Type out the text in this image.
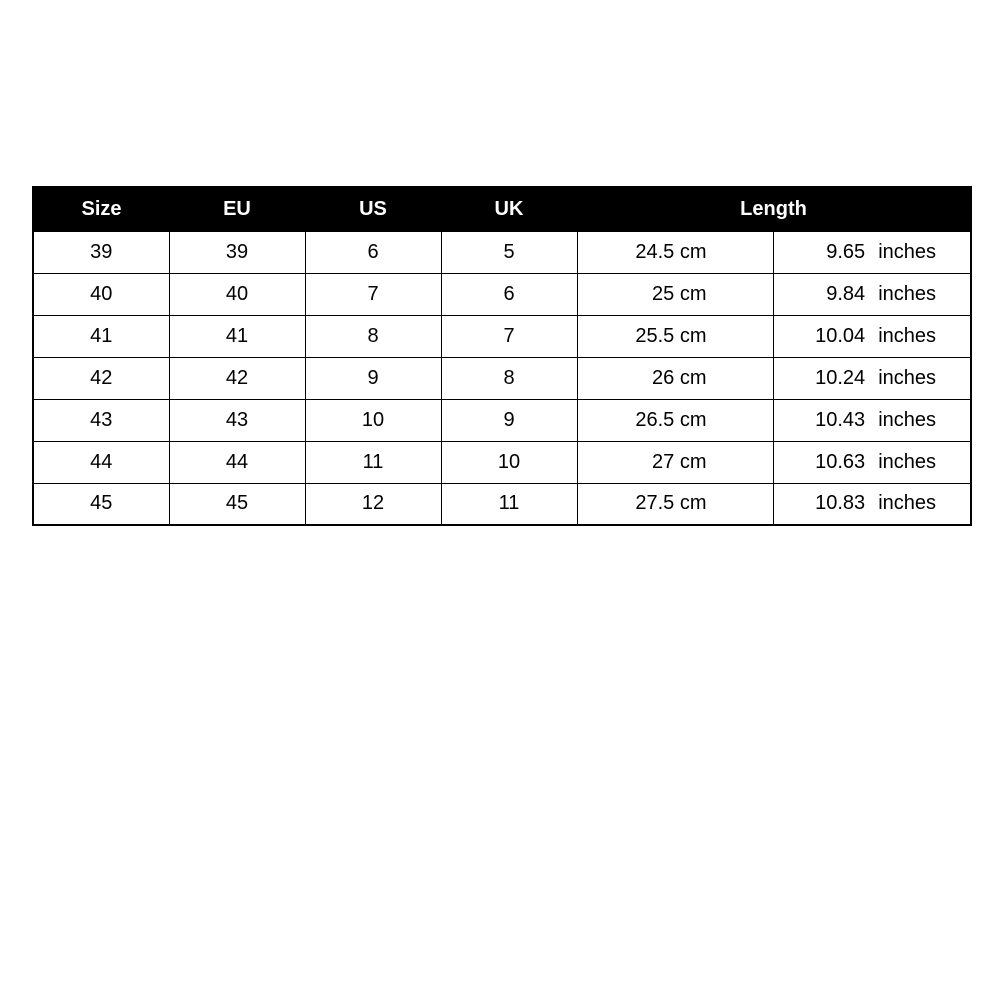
Size	EU	US	UK	Length	
39	39	6	5	24.5 cm	9.65 inches
40	40	7	6	25 cm	9.84 inches
41	41	8	7	25.5 cm	10.04 inches
42	42	9	8	26 cm	10.24 inches
43	43	10	9	26.5 cm	10.43 inches
44	44	11	10	27 cm	10.63 inches
45	45	12	11	27.5 cm	10.83 inches
